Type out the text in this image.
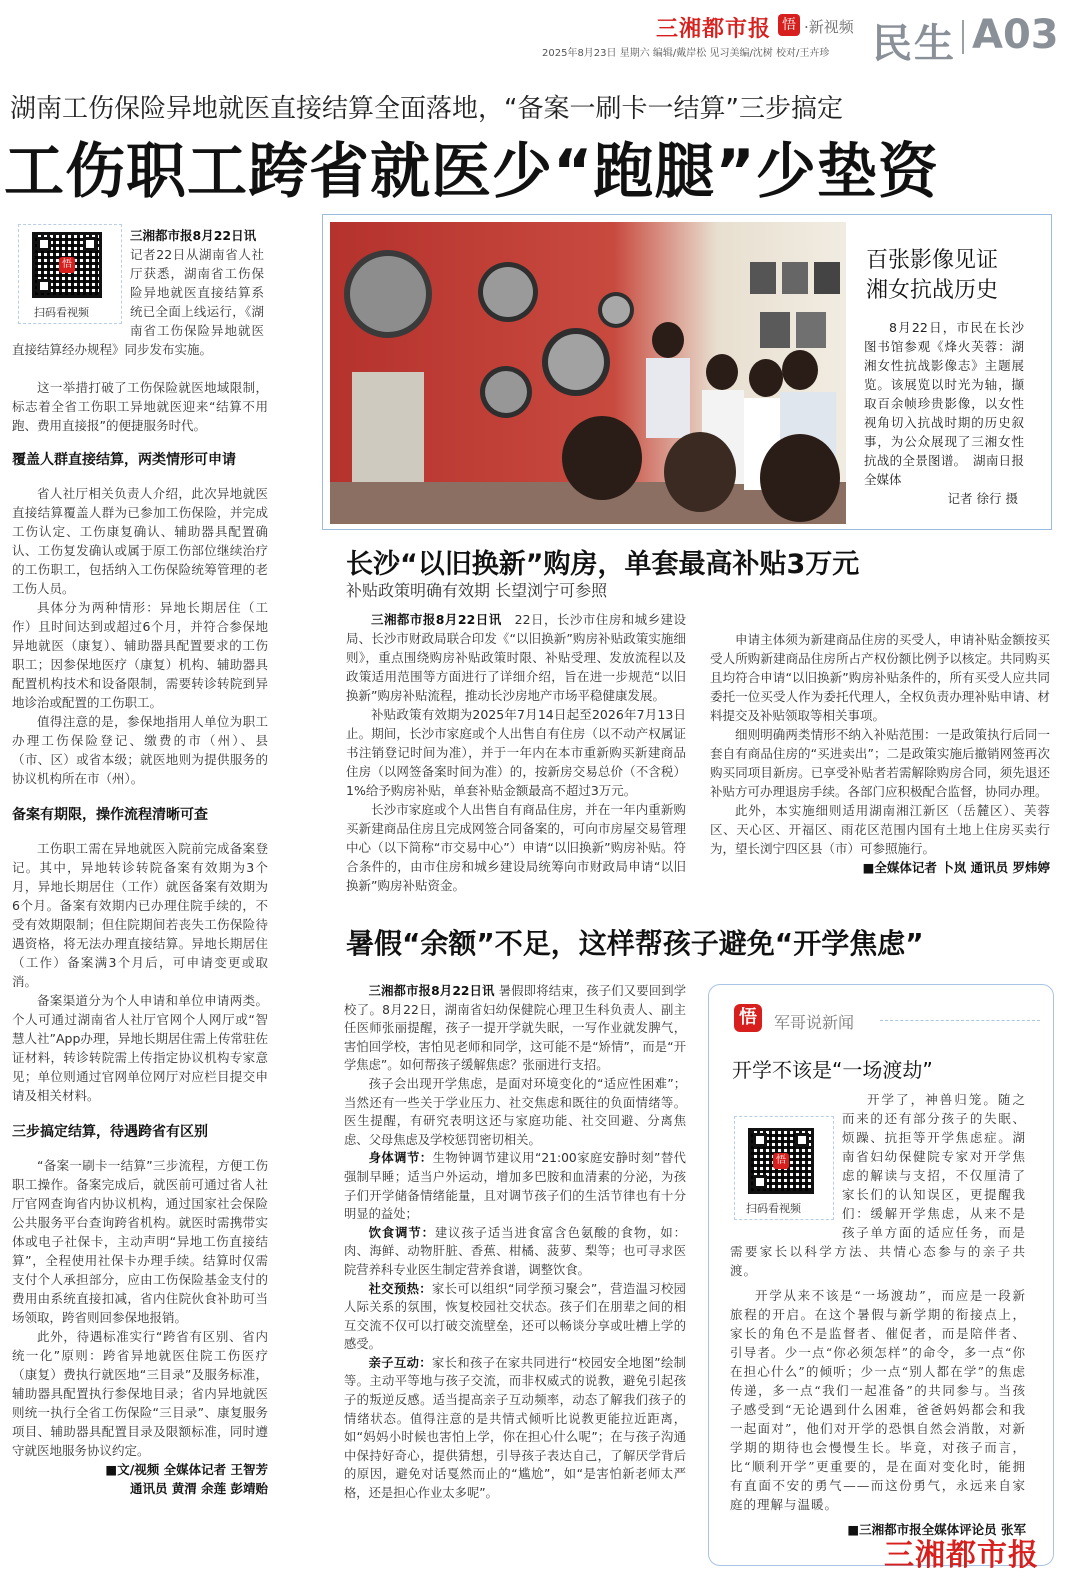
三湘都市报 悟 ·新视频
2025年8月23日 星期六 编辑/戴岸松 见习美编/沈树 校对/王卉珍 民生 A03
湖南工伤保险异地就医直接结算全面落地，“备案一刷卡一结算”三步搞定
工伤职工跨省就医少“跑腿”少垫资
悟
扫码看视频
三湘都市报8月22日讯
记者22日从湖南省人社厅获悉，湖南省工伤保险异地就医直接结算系统已全面上线运行，《湖南省工伤保险异地就医直接结算经办规程》同步发布实施。

这一举措打破了工伤保险就医地域限制，标志着全省工伤职工异地就医迎来“结算不用跑、费用直接报”的便捷服务时代。

覆盖人群直接结算，两类情形可申请

省人社厅相关负责人介绍，此次异地就医直接结算覆盖人群为已参加工伤保险，并完成工伤认定、工伤康复确认、辅助器具配置确认、工伤复发确认或属于原工伤部位继续治疗的工伤职工，包括纳入工伤保险统筹管理的老工伤人员。

具体分为两种情形：异地长期居住（工作）且时间达到或超过6个月，并符合参保地异地就医（康复）、辅助器具配置要求的工伤职工；因参保地医疗（康复）机构、辅助器具配置机构技术和设备限制，需要转诊转院到异地诊治或配置的工伤职工。

值得注意的是，参保地指用人单位为职工办理工伤保险登记、缴费的市（州）、县（市、区）或省本级；就医地则为提供服务的协议机构所在市（州）。

备案有期限，操作流程清晰可查

工伤职工需在异地就医入院前完成备案登记。其中，异地转诊转院备案有效期为3个月，异地长期居住（工作）就医备案有效期为6个月。备案有效期内已办理住院手续的，不受有效期限制；但住院期间若丧失工伤保险待遇资格，将无法办理直接结算。异地长期居住（工作）备案满3个月后，可申请变更或取消。

备案渠道分为个人申请和单位申请两类。个人可通过湖南省人社厅官网个人网厅或“智慧人社”App办理，异地长期居住需上传常驻佐证材料，转诊转院需上传指定协议机构专家意见；单位则通过官网单位网厅对应栏目提交申请及相关材料。

三步搞定结算，待遇跨省有区别

“备案一刷卡一结算”三步流程，方便工伤职工操作。备案完成后，就医前可通过省人社厅官网查询省内协议机构，通过国家社会保险公共服务平台查询跨省机构。就医时需携带实体或电子社保卡，主动声明“异地工伤直接结算”，全程使用社保卡办理手续。结算时仅需支付个人承担部分，应由工伤保险基金支付的费用由系统直接扣减，省内住院伙食补助可当场领取，跨省则回参保地报销。

此外，待遇标准实行“跨省有区别、省内统一化”原则：跨省异地就医住院工伤医疗（康复）费执行就医地“三目录”及服务标准，辅助器具配置执行参保地目录；省内异地就医则统一执行全省工伤保险“三目录”、康复服务项目、辅助器具配置目录及限额标准，同时遵守就医地服务协议约定。

■文/视频 全媒体记者 王智芳
通讯员 黄渭 余莲 彭靖贻
百张影像见证
湘女抗战历史

8月22日，市民在长沙图书馆参观《烽火芙蓉：湖湘女性抗战影像志》主题展览。该展览以时光为轴，撷取百余帧珍贵影像，以女性视角切入抗战时期的历史叙事，为公众展现了三湘女性抗战的全景图谱。　湖南日报全媒体

记者 徐行 摄
长沙“以旧换新”购房，单套最高补贴3万元
补贴政策明确有效期 长望浏宁可参照

三湘都市报8月22日讯　 22日，长沙市住房和城乡建设局、长沙市财政局联合印发《“以旧换新”购房补贴政策实施细则》，重点围绕购房补贴政策时限、补贴受理、发放流程以及政策适用范围等方面进行了详细介绍，旨在进一步规范“以旧换新”购房补贴流程，推动长沙房地产市场平稳健康发展。

补贴政策有效期为2025年7月14日起至2026年7月13日止。期间，长沙市家庭或个人出售自有住房（以不动产权属证书注销登记时间为准），并于一年内在本市重新购买新建商品住房（以网签备案时间为准）的，按新房交易总价（不含税）1%给予购房补贴，单套补贴金额最高不超过3万元。

长沙市家庭或个人出售自有商品住房，并在一年内重新购买新建商品住房且完成网签合同备案的，可向市房屋交易管理中心（以下简称“市交易中心”）申请“以旧换新”购房补贴。符合条件的，由市住房和城乡建设局统筹向市财政局申请“以旧换新”购房补贴资金。

申请主体须为新建商品住房的买受人，申请补贴金额按买受人所购新建商品住房所占产权份额比例予以核定。共同购买且均符合申请“以旧换新”购房补贴条件的，所有买受人应共同委托一位买受人作为委托代理人，全权负责办理补贴申请、材料提交及补贴领取等相关事项。

细则明确两类情形不纳入补贴范围：一是政策执行后同一套自有商品住房的“买进卖出”；二是政策实施后撤销网签再次购买同项目新房。已享受补贴者若需解除购房合同，须先退还补贴方可办理退房手续。各部门应积极配合监督，协同办理。

此外，本实施细则适用湖南湘江新区（岳麓区）、芙蓉区、天心区、开福区、雨花区范围内国有土地上住房买卖行为，望长浏宁四区县（市）可参照施行。

■全媒体记者 卜岚 通讯员 罗炜婷
暑假“余额”不足，这样帮孩子避免“开学焦虑”

三湘都市报8月22日讯 暑假即将结束，孩子们又要回到学校了。8月22日，湖南省妇幼保健院心理卫生科负责人、副主任医师张丽提醒，孩子一提开学就失眠，一写作业就发脾气，害怕回学校，害怕见老师和同学，这可能不是“矫情”，而是“开学焦虑”。如何帮孩子缓解焦虑？张丽进行支招。

孩子会出现开学焦虑，是面对环境变化的“适应性困难”；当然还有一些关于学业压力、社交焦虑和既往的负面情绪等。医生提醒，有研究表明这还与家庭功能、社交回避、分离焦虑、父母焦虑及学校惩罚密切相关。

身体调节：生物钟调节建议用“21:00家庭安静时刻”替代强制早睡；适当户外运动，增加多巴胺和血清素的分泌，为孩子们开学储备情绪能量，且对调节孩子们的生活节律也有十分明显的益处；

饮食调节：建议孩子适当进食富含色氨酸的食物，如：肉、海鲜、动物肝脏、香蕉、柑橘、菠萝、梨等；也可寻求医院营养科专业医生制定营养食谱，调整饮食。

社交预热：家长可以组织“同学预习聚会”，营造温习校园人际关系的氛围，恢复校园社交状态。孩子们在朋辈之间的相互交流不仅可以打破交流壁垒，还可以畅谈分享或吐槽上学的感受。

亲子互动：家长和孩子在家共同进行“校园安全地图”绘制等。主动平等地与孩子交流，而非权威式的说教，避免引起孩子的叛逆反感。适当提高亲子互动频率，动态了解我们孩子的情绪状态。值得注意的是共情式倾听比说教更能拉近距离，如“妈妈小时候也害怕上学，你在担心什么呢”；在与孩子沟通中保持好奇心，提供猜想，引导孩子表达自己，了解厌学背后的原因，避免对话戛然而止的“尴尬”，如“是害怕新老师太严格，还是担心作业太多呢”。

悟	军哥说新闻
开学不该是“一场渡劫”
悟
扫码看视频

开学了，神兽归笼。随之而来的还有部分孩子的失眠、烦躁、抗拒等开学焦虑症。湖南省妇幼保健院专家对开学焦虑的解读与支招，不仅厘清了家长们的认知误区，更提醒我们：缓解开学焦虑，从来不是孩子单方面的适应任务，而是需要家长以科学方法、共情心态参与的亲子共渡。

开学从来不该是“一场渡劫”，而应是一段新旅程的开启。在这个暑假与新学期的衔接点上，家长的角色不是监督者、催促者，而是陪伴者、引导者。少一点“你必须怎样”的命令，多一点“你在担心什么”的倾听；少一点“别人都在学”的焦虑传递，多一点“我们一起准备”的共同参与。当孩子感受到“无论遇到什么困难，爸爸妈妈都会和我一起面对”，他们对开学的恐惧自然会消散，对新学期的期待也会慢慢生长。毕竟，对孩子而言，比“顺利开学”更重要的，是在面对变化时，能拥有直面不安的勇气——而这份勇气，永远来自家庭的理解与温暖。

■三湘都市报全媒体评论员 张军
三湘都市报
